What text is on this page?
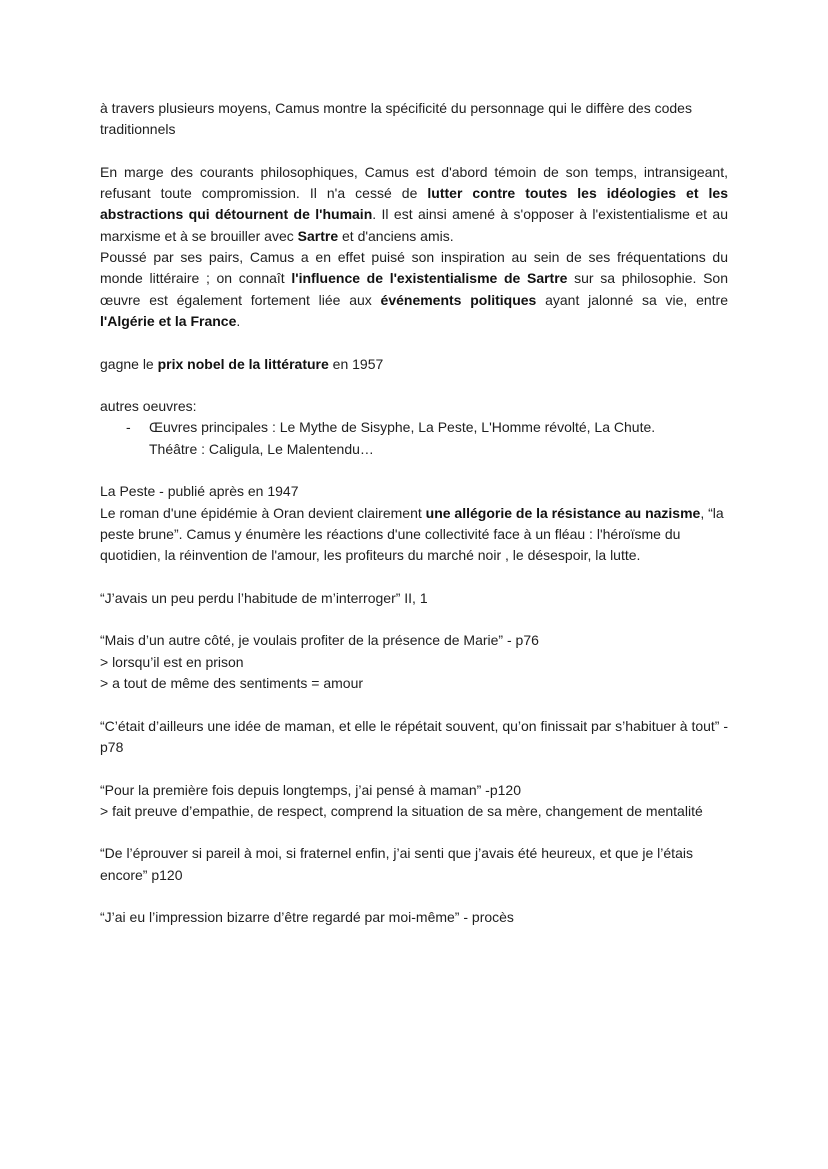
à travers plusieurs moyens, Camus montre la spécificité du personnage qui le diffère des codes traditionnels

En marge des courants philosophiques, Camus est d'abord témoin de son temps, intransigeant, refusant toute compromission. Il n'a cessé de lutter contre toutes les idéologies et les abstractions qui détournent de l'humain. Il est ainsi amené à s'opposer à l'existentialisme et au marxisme et à se brouiller avec Sartre et d'anciens amis.

Poussé par ses pairs, Camus a en effet puisé son inspiration au sein de ses fréquentations du monde littéraire ; on connaît l'influence de l'existentialisme de Sartre sur sa philosophie. Son œuvre est également fortement liée aux événements politiques ayant jalonné sa vie, entre l'Algérie et la France.

gagne le prix nobel de la littérature en 1957

autres oeuvres:

- Œuvres principales : Le Mythe de Sisyphe, La Peste, L'Homme révolté, La Chute.
Théâtre : Caligula, Le Malentendu…

La Peste - publié après en 1947

Le roman d'une épidémie à Oran devient clairement une allégorie de la résistance au nazisme, “la peste brune”. Camus y énumère les réactions d'une collectivité face à un fléau : l'héroïsme du quotidien, la réinvention de l'amour, les profiteurs du marché noir , le désespoir, la lutte.

“J’avais un peu perdu l’habitude de m’interroger” II, 1

“Mais d’un autre côté, je voulais profiter de la présence de Marie” - p76

> lorsqu’il est en prison

> a tout de même des sentiments = amour

“C’était d’ailleurs une idée de maman, et elle le répétait souvent, qu’on finissait par s’habituer à tout” - p78

“Pour la première fois depuis longtemps, j’ai pensé à maman” -p120

> fait preuve d’empathie, de respect, comprend la situation de sa mère, changement de mentalité

“De l’éprouver si pareil à moi, si fraternel enfin, j’ai senti que j’avais été heureux, et que je l’étais encore” p120

“J’ai eu l’impression bizarre d’être regardé par moi-même” - procès
